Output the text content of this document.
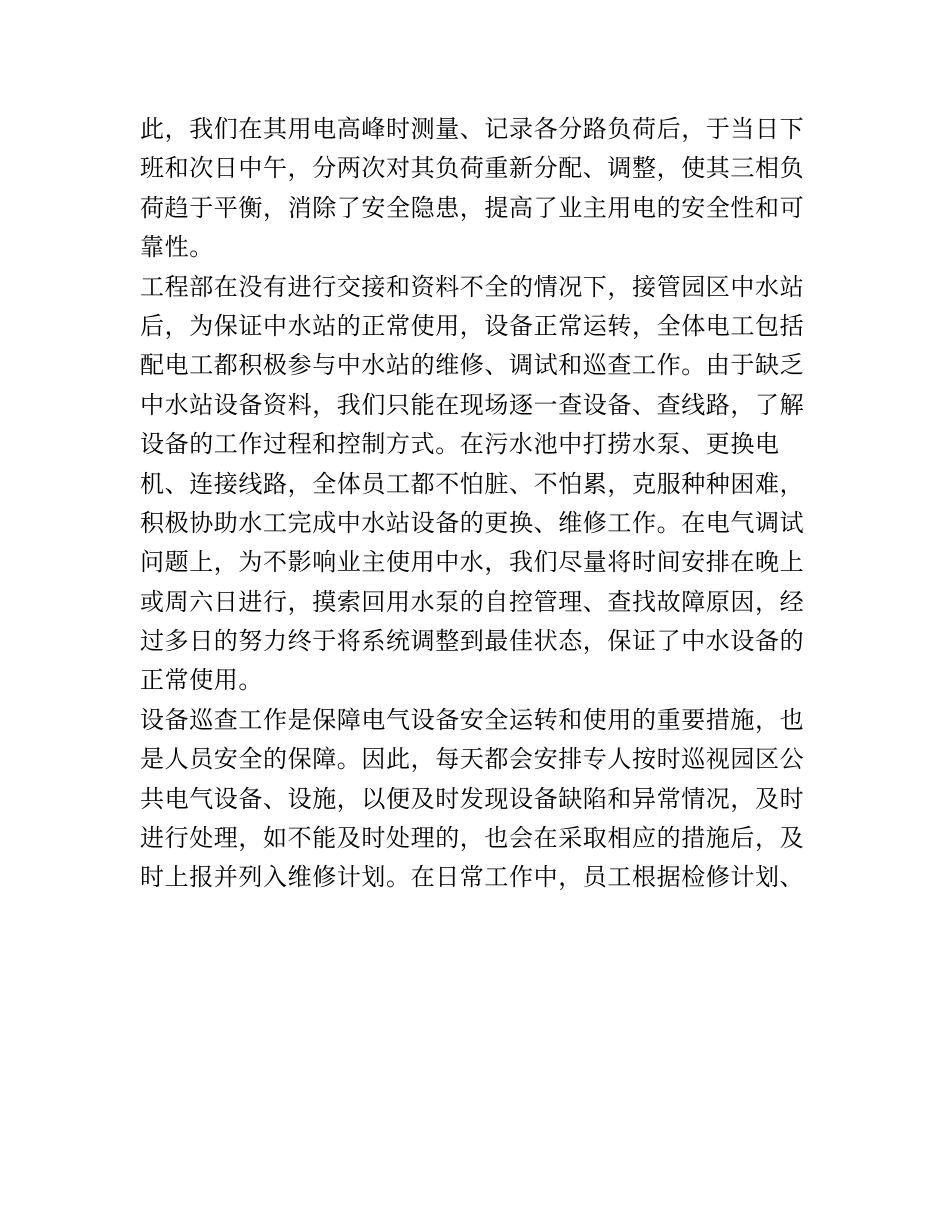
此，我们在其用电高峰时测量、记录各分路负荷后，于当日下
班和次日中午，分两次对其负荷重新分配、调整，使其三相负
荷趋于平衡，消除了安全隐患，提高了业主用电的安全性和可
靠性。
工程部在没有进行交接和资料不全的情况下，接管园区中水站
后，为保证中水站的正常使用，设备正常运转，全体电工包括
配电工都积极参与中水站的维修、调试和巡查工作。由于缺乏
中水站设备资料，我们只能在现场逐一查设备、查线路，了解
设备的工作过程和控制方式。在污水池中打捞水泵、更换电
机、连接线路，全体员工都不怕脏、不怕累，克服种种困难，
积极协助水工完成中水站设备的更换、维修工作。在电气调试
问题上，为不影响业主使用中水，我们尽量将时间安排在晚上
或周六日进行，摸索回用水泵的自控管理、查找故障原因，经
过多日的努力终于将系统调整到最佳状态，保证了中水设备的
正常使用。
设备巡查工作是保障电气设备安全运转和使用的重要措施，也
是人员安全的保障。因此，每天都会安排专人按时巡视园区公
共电气设备、设施，以便及时发现设备缺陷和异常情况，及时
进行处理，如不能及时处理的，也会在采取相应的措施后，及
时上报并列入维修计划。在日常工作中，员工根据检修计划、
